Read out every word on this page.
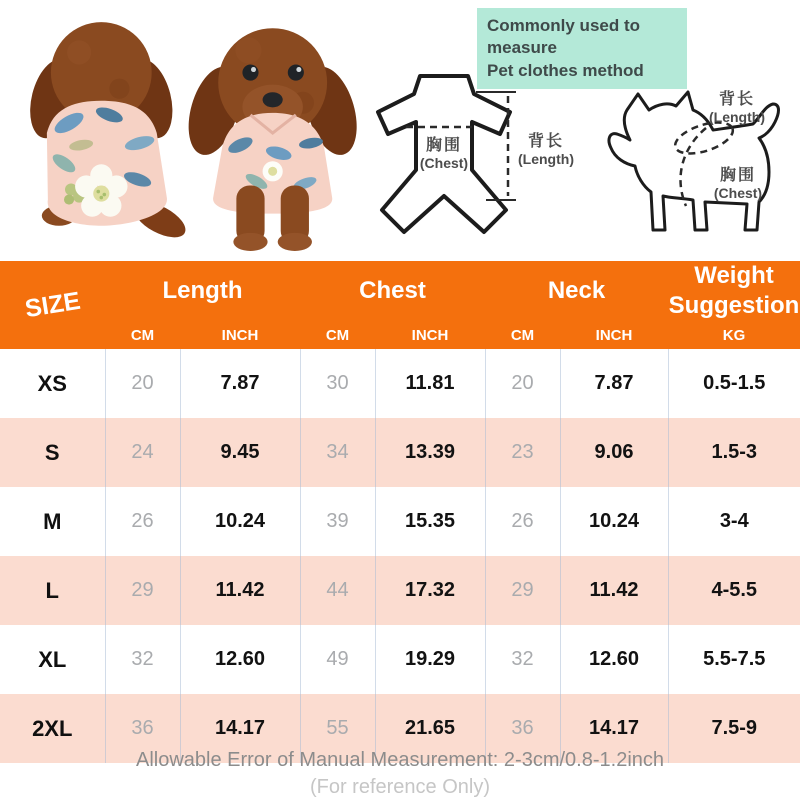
Commonly used to measure
Pet clothes method
胸围
(Chest)
背长
(Length)
背长
(Length)
胸围
(Chest)
SIZE	Length		Chest		Neck		Weight
Suggestion

	CM	INCH	CM	INCH	CM	INCH	KG
XS	20	7.87	30	11.81	20	7.87	0.5-1.5
S	24	9.45	34	13.39	23	9.06	1.5-3
M	26	10.24	39	15.35	26	10.24	3-4
L	29	11.42	44	17.32	29	11.42	4-5.5
XL	32	12.60	49	19.29	32	12.60	5.5-7.5
2XL	36	14.17	55	21.65	36	14.17	7.5-9
Allowable Error of Manual Measurement: 2-3cm/0.8-1.2inch
(For reference Only)
